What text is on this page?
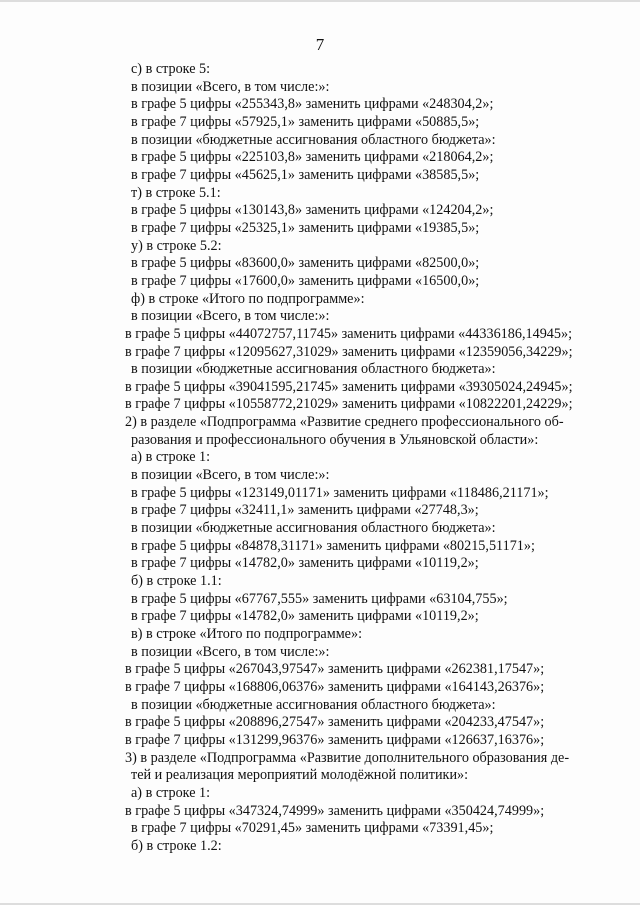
7
с) в строке 5:
в позиции «Всего, в том числе:»:
в графе 5 цифры «255343,8» заменить цифрами «248304,2»;
в графе 7 цифры «57925,1» заменить цифрами «50885,5»;
в позиции «бюджетные ассигнования областного бюджета»:
в графе 5 цифры «225103,8» заменить цифрами «218064,2»;
в графе 7 цифры «45625,1» заменить цифрами «38585,5»;
т) в строке 5.1:
в графе 5 цифры «130143,8» заменить цифрами «124204,2»;
в графе 7 цифры «25325,1» заменить цифрами «19385,5»;
у) в строке 5.2:
в графе 5 цифры «83600,0» заменить цифрами «82500,0»;
в графе 7 цифры «17600,0» заменить цифрами «16500,0»;
ф) в строке «Итого по подпрограмме»:
в позиции «Всего, в том числе:»:
в графе 5 цифры «44072757,11745» заменить цифрами «44336186,14945»;
в графе 7 цифры «12095627,31029» заменить цифрами «12359056,34229»;
в позиции «бюджетные ассигнования областного бюджета»:
в графе 5 цифры «39041595,21745» заменить цифрами «39305024,24945»;
в графе 7 цифры «10558772,21029» заменить цифрами «10822201,24229»;
2) в разделе «Подпрограмма «Развитие среднего профессионального об-
разования и профессионального обучения в Ульяновской области»:
а) в строке 1:
в позиции «Всего, в том числе:»:
в графе 5 цифры «123149,01171» заменить цифрами «118486,21171»;
в графе 7 цифры «32411,1» заменить цифрами «27748,3»;
в позиции «бюджетные ассигнования областного бюджета»:
в графе 5 цифры «84878,31171» заменить цифрами «80215,51171»;
в графе 7 цифры «14782,0» заменить цифрами «10119,2»;
б) в строке 1.1:
в графе 5 цифры «67767,555» заменить цифрами «63104,755»;
в графе 7 цифры «14782,0» заменить цифрами «10119,2»;
в) в строке «Итого по подпрограмме»:
в позиции «Всего, в том числе:»:
в графе 5 цифры «267043,97547» заменить цифрами «262381,17547»;
в графе 7 цифры «168806,06376» заменить цифрами «164143,26376»;
в позиции «бюджетные ассигнования областного бюджета»:
в графе 5 цифры «208896,27547» заменить цифрами «204233,47547»;
в графе 7 цифры «131299,96376» заменить цифрами «126637,16376»;
3) в разделе «Подпрограмма «Развитие дополнительного образования де-
тей и реализация мероприятий молодёжной политики»:
а) в строке 1:
в графе 5 цифры «347324,74999» заменить цифрами «350424,74999»;
в графе 7 цифры «70291,45» заменить цифрами «73391,45»;
б) в строке 1.2:
